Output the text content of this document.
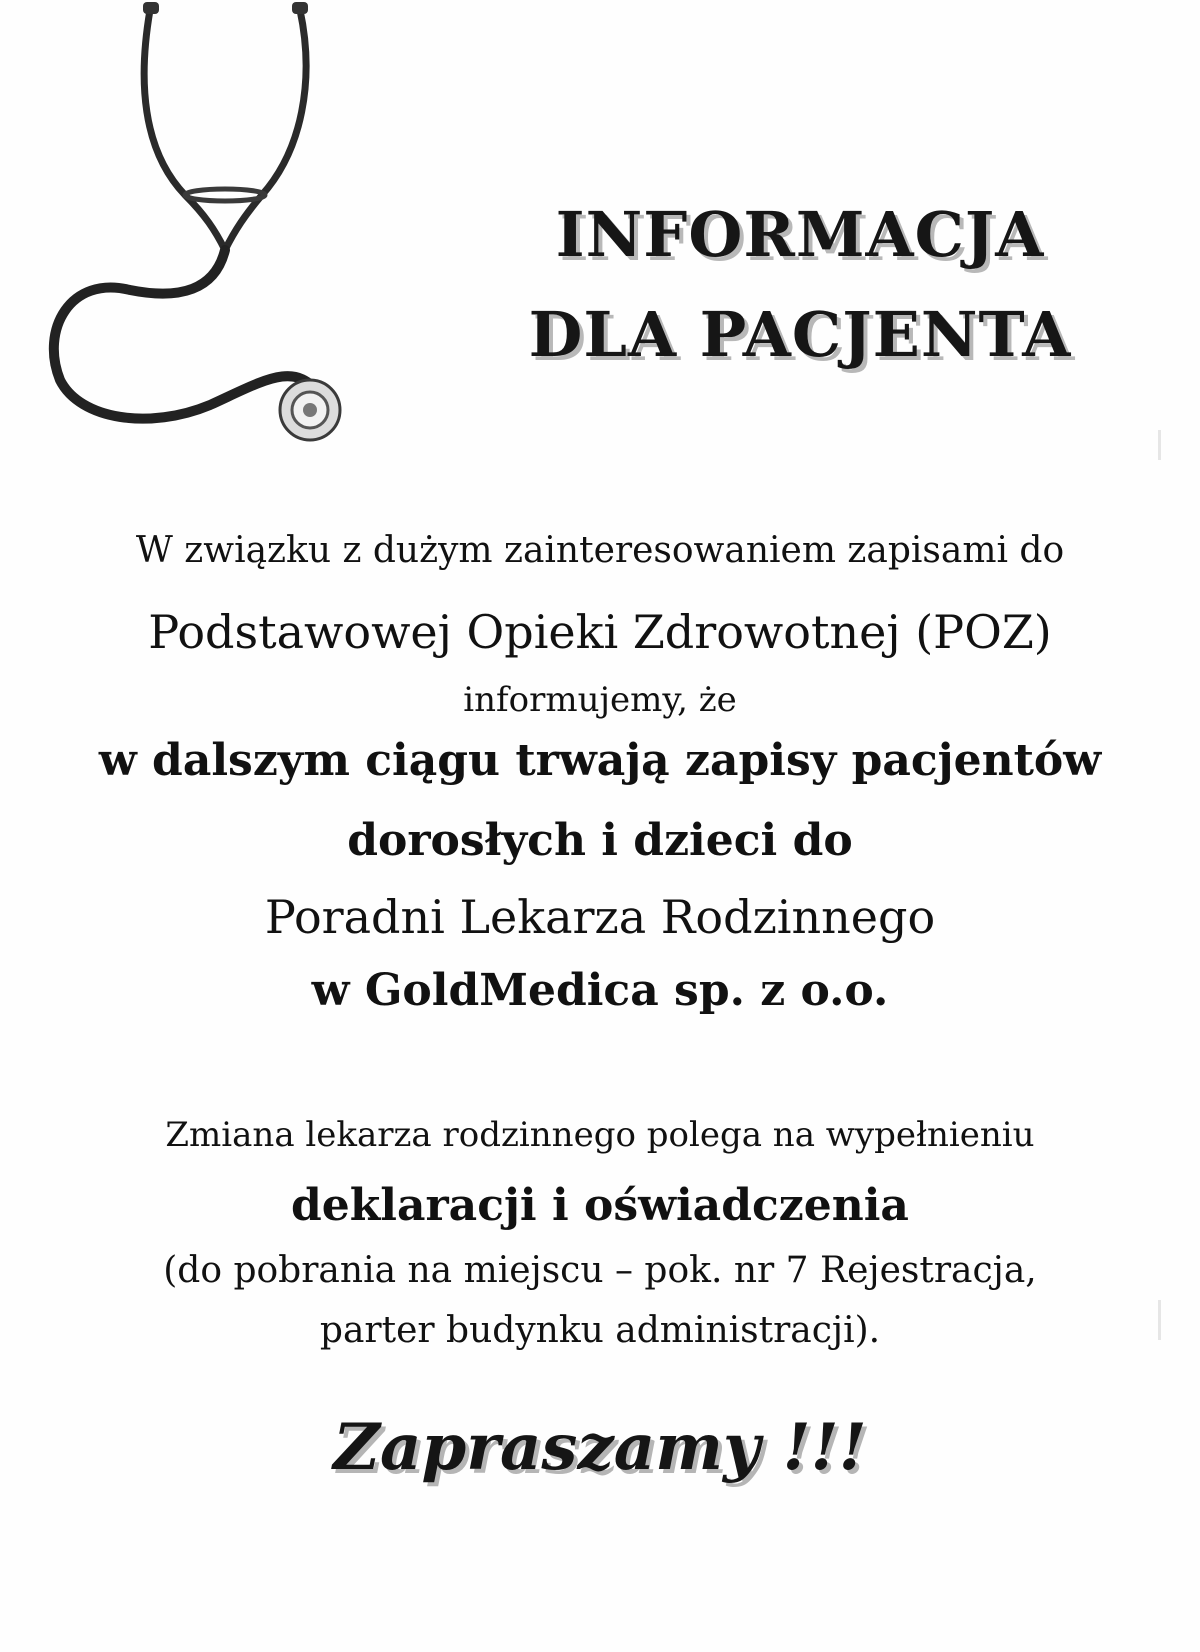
INFORMACJA
DLA PACJENTA
W związku z dużym zainteresowaniem zapisami do
Podstawowej Opieki Zdrowotnej (POZ)
informujemy, że
w dalszym ciągu trwają zapisy pacjentów
dorosłych i dzieci do
Poradni Lekarza Rodzinnego
w GoldMedica sp. z o.o.
Zmiana lekarza rodzinnego polega na wypełnieniu
deklaracji i oświadczenia
(do pobrania na miejscu – pok. nr 7 Rejestracja,
parter budynku administracji).
Zapraszamy !!!
